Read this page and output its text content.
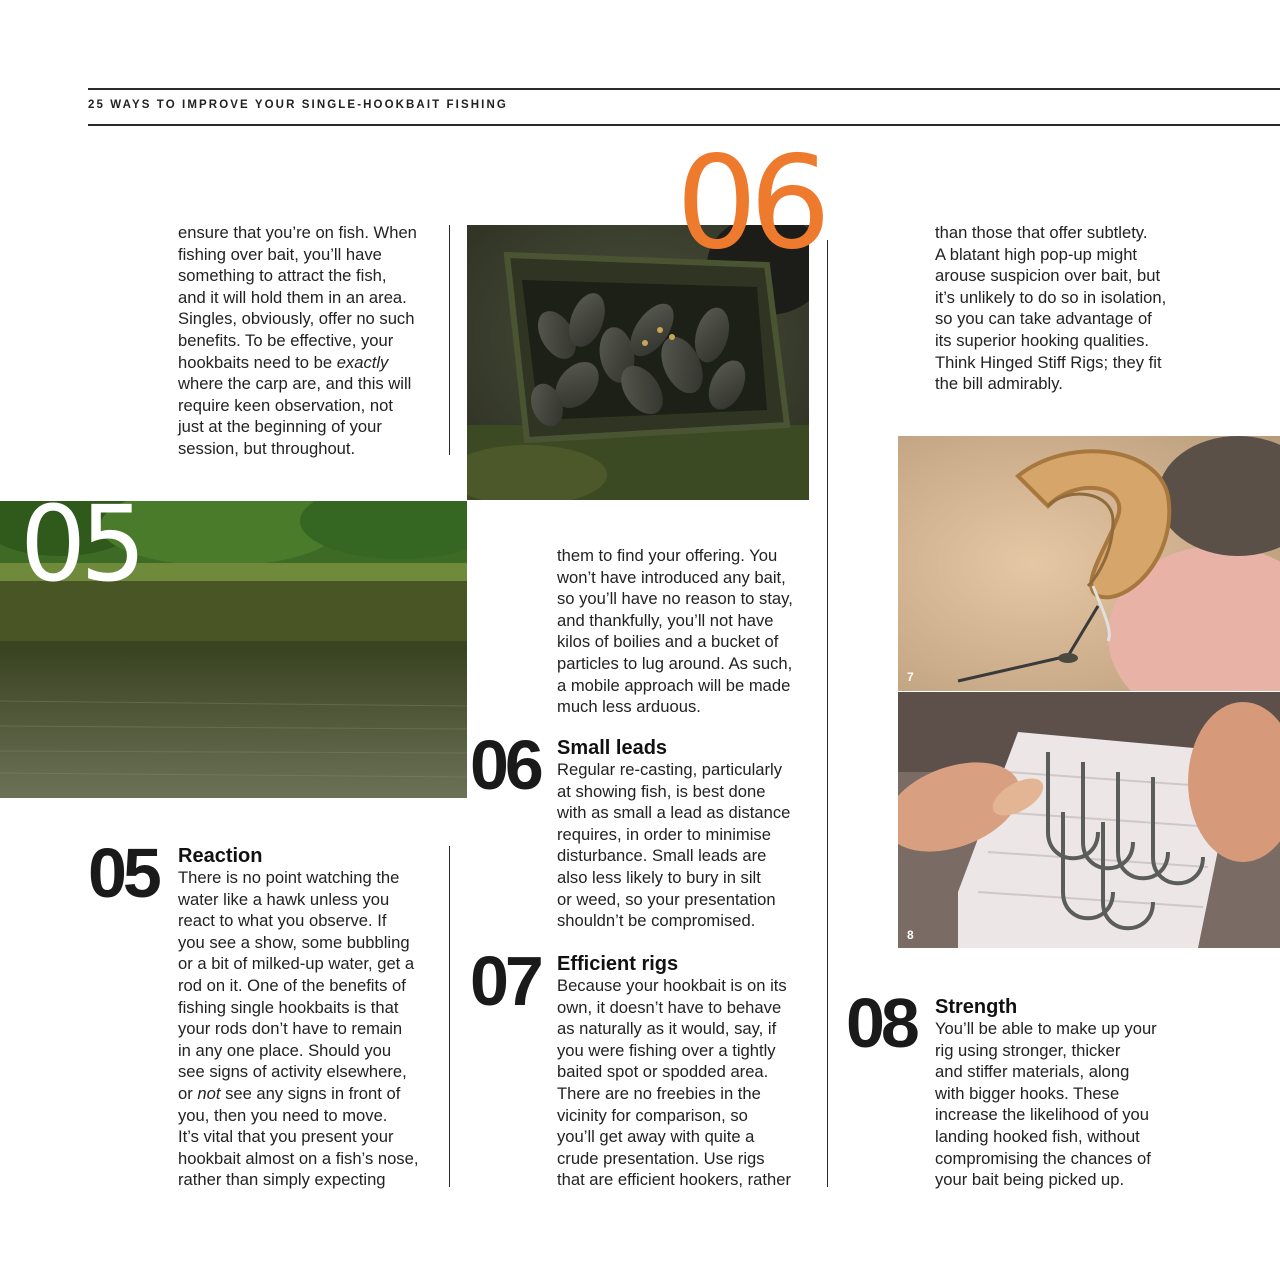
25 WAYS TO IMPROVE YOUR SINGLE-HOOKBAIT FISHING
06
05

ensure that you’re on fish. When

fishing over bait, you’ll have

something to attract the fish,

and it will hold them in an area.

Singles, obviously, offer no such

benefits. To be effective, your

hookbaits need to be exactly

where the carp are, and this will

require keen observation, not

just at the beginning of your

session, but throughout.

05 Reaction

There is no point watching the

water like a hawk unless you

react to what you observe. If

you see a show, some bubbling

or a bit of milked-up water, get a

rod on it. One of the benefits of

fishing single hookbaits is that

your rods don’t have to remain

in any one place. Should you

see signs of activity elsewhere,

or not see any signs in front of

you, then you need to move.

It’s vital that you present your

hookbait almost on a fish’s nose,

rather than simply expecting

them to find your offering. You

won’t have introduced any bait,

so you’ll have no reason to stay,

and thankfully, you’ll not have

kilos of boilies and a bucket of

particles to lug around. As such,

a mobile approach will be made

much less arduous.

06 Small leads

Regular re-casting, particularly

at showing fish, is best done

with as small a lead as distance

requires, in order to minimise

disturbance. Small leads are

also less likely to bury in silt

or weed, so your presentation

shouldn’t be compromised.

07 Efficient rigs

Because your hookbait is on its

own, it doesn’t have to behave

as naturally as it would, say, if

you were fishing over a tightly

baited spot or spodded area.

There are no freebies in the

vicinity for comparison, so

you’ll get away with quite a

crude presentation. Use rigs

that are efficient hookers, rather

than those that offer subtlety.

A blatant high pop-up might

arouse suspicion over bait, but

it’s unlikely to do so in isolation,

so you can take advantage of

its superior hooking qualities.

Think Hinged Stiff Rigs; they fit

the bill admirably.

7
8
08 Strength

You’ll be able to make up your

rig using stronger, thicker

and stiffer materials, along

with bigger hooks. These

increase the likelihood of you

landing hooked fish, without

compromising the chances of

your bait being picked up.
